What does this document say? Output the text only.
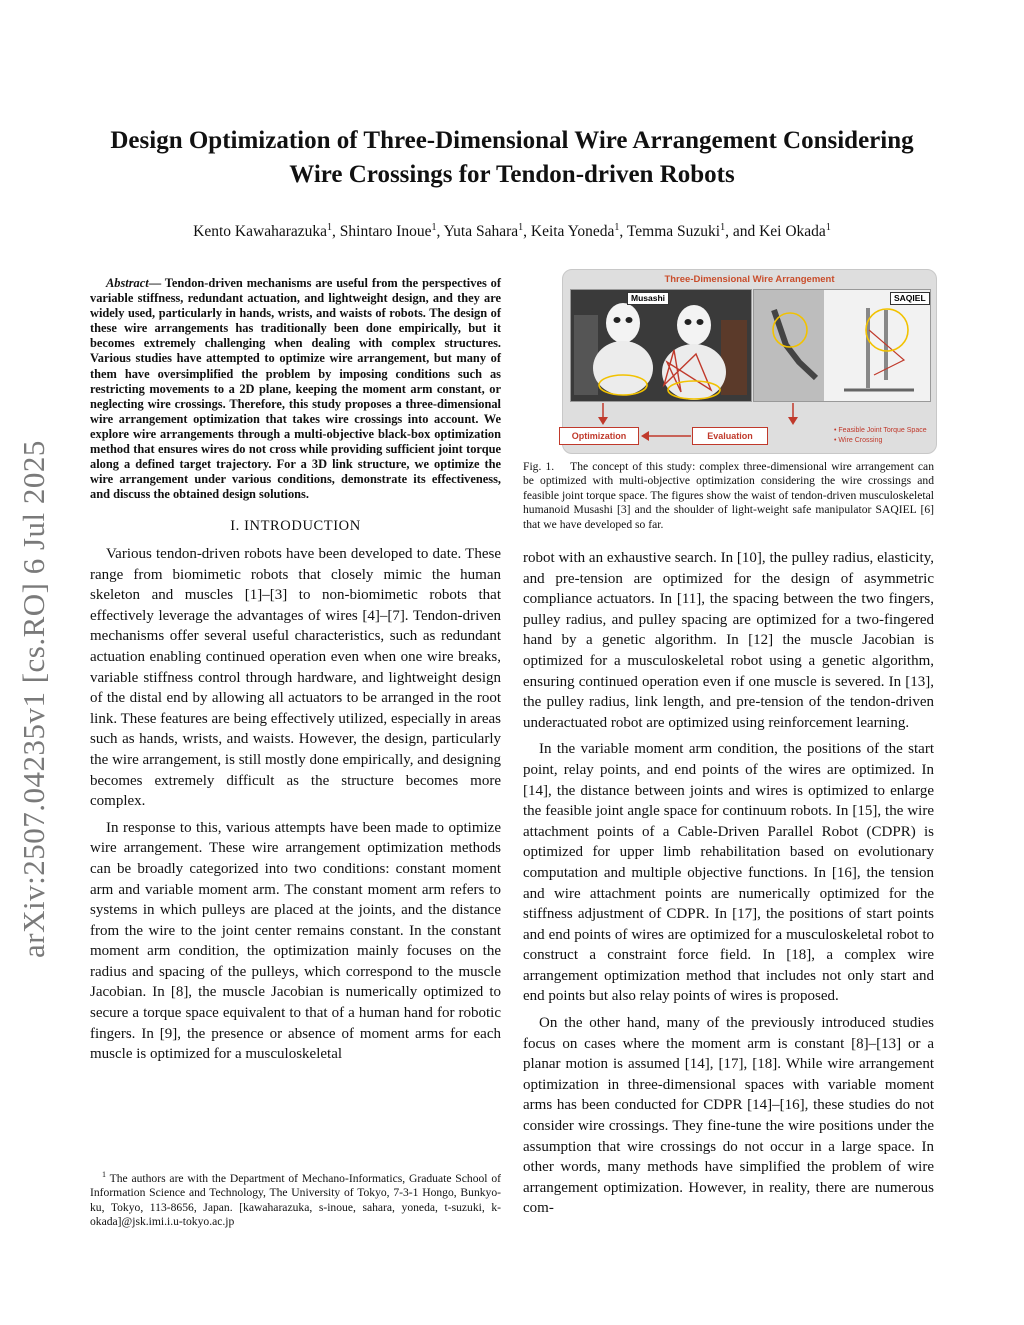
Design Optimization of Three-Dimensional Wire Arrangement Considering Wire Crossings for Tendon-driven Robots
Kento Kawaharazuka$^1$, Shintaro Inoue$^1$, Yuta Sahara$^1$, Keita Yoneda$^1$, Temma Suzuki$^1$, and Kei Okada$^1$
arXiv:2507.04235v1 [cs.RO] 6 Jul 2025

Abstract— Tendon-driven mechanisms are useful from the perspectives of variable stiffness, redundant actuation, and lightweight design, and they are widely used, particularly in hands, wrists, and waists of robots. The design of these wire arrangements has traditionally been done empirically, but it becomes extremely challenging when dealing with complex structures. Various studies have attempted to optimize wire arrangement, but many of them have oversimplified the problem by imposing conditions such as restricting movements to a 2D plane, keeping the moment arm constant, or neglecting wire crossings. Therefore, this study proposes a three-dimensional wire arrangement optimization that takes wire crossings into account. We explore wire arrangements through a multi-objective black-box optimization method that ensures wires do not cross while providing sufficient joint torque along a defined target trajectory. For a 3D link structure, we optimize the wire arrangement under various conditions, demonstrate its effectiveness, and discuss the obtained design solutions.

I. INTRODUCTION

Various tendon-driven robots have been developed to date. These range from biomimetic robots that closely mimic the human skeleton and muscles [1]–[3] to non-biomimetic robots that effectively leverage the advantages of wires [4]–[7]. Tendon-driven mechanisms offer several useful characteristics, such as redundant actuation enabling continued operation even when one wire breaks, variable stiffness control through hardware, and lightweight design of the distal end by allowing all actuators to be arranged in the root link. These features are being effectively utilized, especially in areas such as hands, wrists, and waists. However, the design, particularly the wire arrangement, is still mostly done empirically, and designing becomes extremely difficult as the structure becomes more complex.

In response to this, various attempts have been made to optimize wire arrangement. These wire arrangement optimization methods can be broadly categorized into two conditions: constant moment arm and variable moment arm. The constant moment arm refers to systems in which pulleys are placed at the joints, and the distance from the wire to the joint center remains constant. In the constant moment arm condition, the optimization mainly focuses on the radius and spacing of the pulleys, which correspond to the muscle Jacobian. In [8], the muscle Jacobian is numerically optimized to secure a torque space equivalent to that of a human hand for robotic fingers. In [9], the presence or absence of moment arms for each muscle is optimized for a musculoskeletal

$^1$ The authors are with the Department of Mechano-Informatics, Graduate School of Information Science and Technology, The University of Tokyo, 7-3-1 Hongo, Bunkyo-ku, Tokyo, 113-8656, Japan. [kawaharazuka, s-inoue, sahara, yoneda, t-suzuki, k-okada]@jsk.imi.i.u-tokyo.ac.jp
Three-Dimensional Wire Arrangement
Musashi	SAQIEL
Optimization	Evaluation
• Feasible Joint Torque Space
• Wire Crossing
Fig. 1. The concept of this study: complex three-dimensional wire arrangement can be optimized with multi-objective optimization considering the wire crossings and feasible joint torque space. The figures show the waist of tendon-driven musculoskeletal humanoid Musashi [3] and the shoulder of light-weight safe manipulator SAQIEL [6] that we have developed so far.

robot with an exhaustive search. In [10], the pulley radius, elasticity, and pre-tension are optimized for the design of asymmetric compliance actuators. In [11], the spacing between the two fingers, pulley radius, and pulley spacing are optimized for a two-fingered hand by a genetic algorithm. In [12] the muscle Jacobian is optimized for a musculoskeletal robot using a genetic algorithm, ensuring continued operation even if one muscle is severed. In [13], the pulley radius, link length, and pre-tension of the tendon-driven underactuated robot are optimized using reinforcement learning.

In the variable moment arm condition, the positions of the start point, relay points, and end points of the wires are optimized. In [14], the distance between joints and wires is optimized to enlarge the feasible joint angle space for continuum robots. In [15], the wire attachment points of a Cable-Driven Parallel Robot (CDPR) is optimized for upper limb rehabilitation based on evolutionary computation and multiple objective functions. In [16], the tension and wire attachment points are numerically optimized for the stiffness adjustment of CDPR. In [17], the positions of start points and end points of wires are optimized for a musculoskeletal robot to construct a constraint force field. In [18], a complex wire arrangement optimization method that includes not only start and end points but also relay points of wires is proposed.

On the other hand, many of the previously introduced studies focus on cases where the moment arm is constant [8]–[13] or a planar motion is assumed [14], [17], [18]. While wire arrangement optimization in three-dimensional spaces with variable moment arms has been conducted for CDPR [14]–[16], these studies do not consider wire crossings. They fine-tune the wire positions under the assumption that wire crossings do not occur in a large space. In other words, many methods have simplified the problem of wire arrangement optimization. However, in reality, there are numerous com-
